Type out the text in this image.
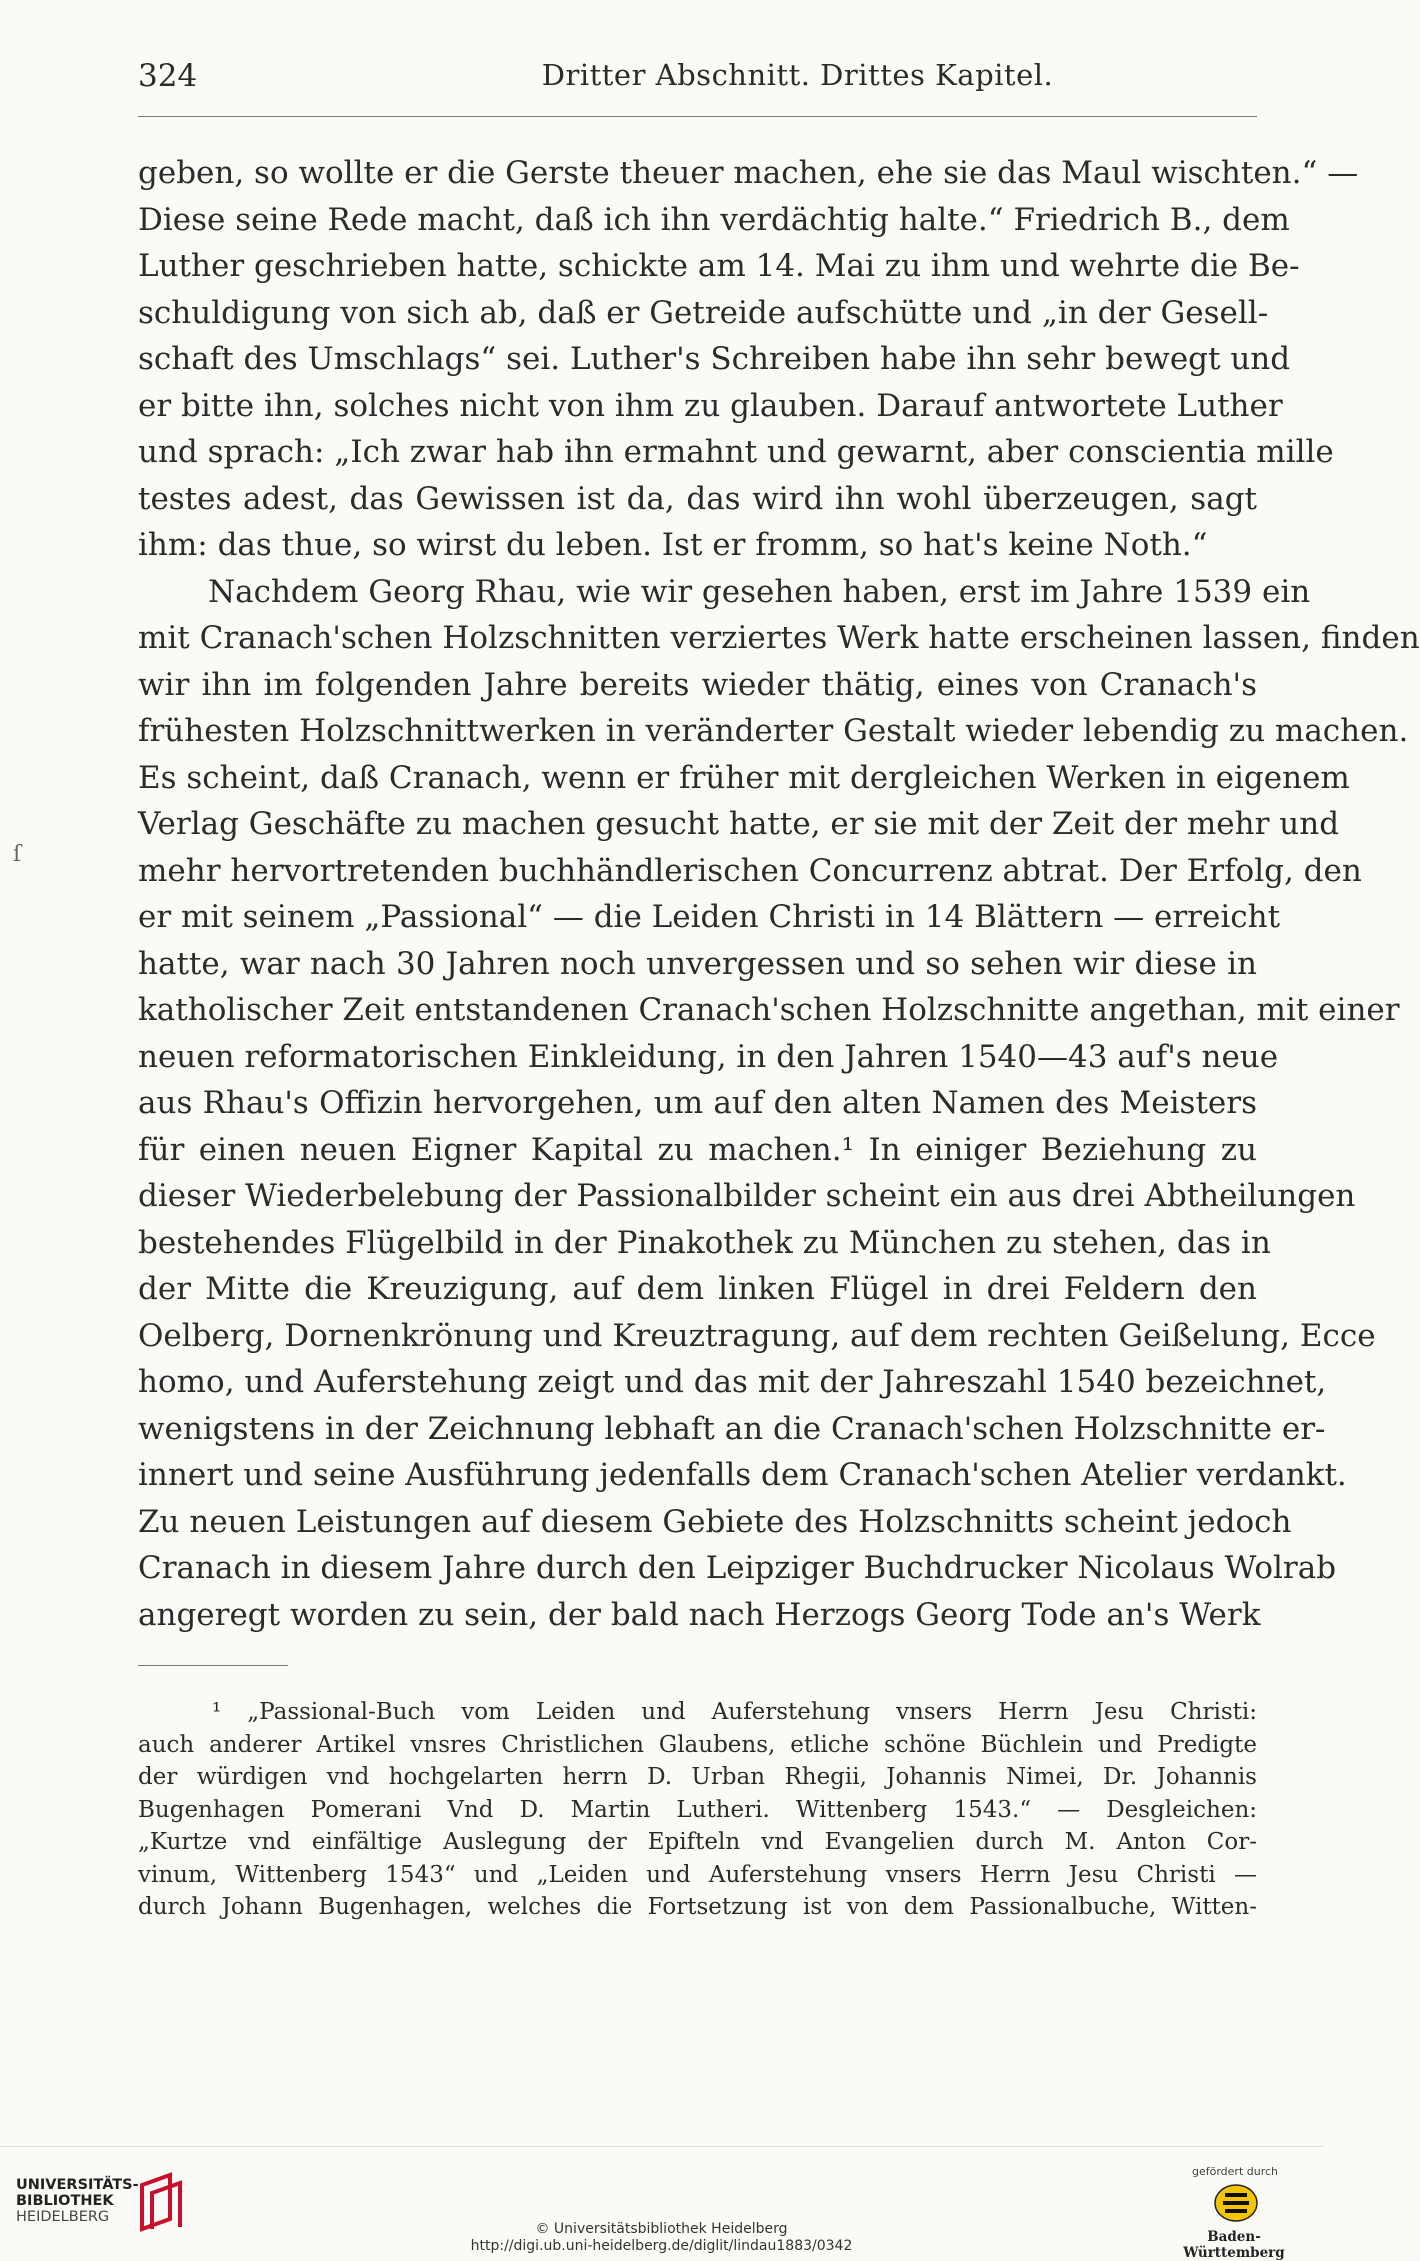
324	Dritter Abschnitt. Drittes Kapitel.
ſ
geben, so wollte er die Gerste theuer machen, ehe sie das Maul wischten.“ —
Diese seine Rede macht, daß ich ihn verdächtig halte.“ Friedrich B., dem
Luther geschrieben hatte, schickte am 14. Mai zu ihm und wehrte die Be-
schuldigung von sich ab, daß er Getreide aufschütte und „in der Gesell-
schaft des Umschlags“ sei. Luther's Schreiben habe ihn sehr bewegt und
er bitte ihn, solches nicht von ihm zu glauben. Darauf antwortete Luther
und sprach: „Ich zwar hab ihn ermahnt und gewarnt, aber conscientia mille
testes adest, das Gewissen ist da, das wird ihn wohl überzeugen, sagt
ihm: das thue, so wirst du leben. Ist er fromm, so hat's keine Noth.“
Nachdem Georg Rhau, wie wir gesehen haben, erst im Jahre 1539 ein
mit Cranach'schen Holzschnitten verziertes Werk hatte erscheinen lassen, finden
wir ihn im folgenden Jahre bereits wieder thätig, eines von Cranach's
frühesten Holzschnittwerken in veränderter Gestalt wieder lebendig zu machen.
Es scheint, daß Cranach, wenn er früher mit dergleichen Werken in eigenem
Verlag Geschäfte zu machen gesucht hatte, er sie mit der Zeit der mehr und
mehr hervortretenden buchhändlerischen Concurrenz abtrat. Der Erfolg, den
er mit seinem „Passional“ — die Leiden Christi in 14 Blättern — erreicht
hatte, war nach 30 Jahren noch unvergessen und so sehen wir diese in
katholischer Zeit entstandenen Cranach'schen Holzschnitte angethan, mit einer
neuen reformatorischen Einkleidung, in den Jahren 1540—43 auf's neue
aus Rhau's Offizin hervorgehen, um auf den alten Namen des Meisters
für einen neuen Eigner Kapital zu machen.¹ In einiger Beziehung zu
dieser Wiederbelebung der Passionalbilder scheint ein aus drei Abtheilungen
bestehendes Flügelbild in der Pinakothek zu München zu stehen, das in
der Mitte die Kreuzigung, auf dem linken Flügel in drei Feldern den
Oelberg, Dornenkrönung und Kreuztragung, auf dem rechten Geißelung, Ecce
homo, und Auferstehung zeigt und das mit der Jahreszahl 1540 bezeichnet,
wenigstens in der Zeichnung lebhaft an die Cranach'schen Holzschnitte er-
innert und seine Ausführung jedenfalls dem Cranach'schen Atelier verdankt.
Zu neuen Leistungen auf diesem Gebiete des Holzschnitts scheint jedoch
Cranach in diesem Jahre durch den Leipziger Buchdrucker Nicolaus Wolrab
angeregt worden zu sein, der bald nach Herzogs Georg Tode an's Werk
¹ „Passional-Buch vom Leiden und Auferstehung vnsers Herrn Jesu Christi:
auch anderer Artikel vnsres Christlichen Glaubens, etliche schöne Büchlein und Predigte
der würdigen vnd hochgelarten herrn D. Urban Rhegii, Johannis Nimei, Dr. Johannis
Bugenhagen Pomerani Vnd D. Martin Lutheri. Wittenberg 1543.“ — Desgleichen:
„Kurtze vnd einfältige Auslegung der Epifteln vnd Evangelien durch M. Anton Cor-
vinum, Wittenberg 1543“ und „Leiden und Auferstehung vnsers Herrn Jesu Christi —
durch Johann Bugenhagen, welches die Fortsetzung ist von dem Passionalbuche, Witten-
UNIVERSITÄTS-
BIBLIOTHEK
HEIDELBERG
© Universitätsbibliothek Heidelberg
http://digi.ub.uni-heidelberg.de/diglit/lindau1883/0342
gefördert durch
Baden-Württemberg
